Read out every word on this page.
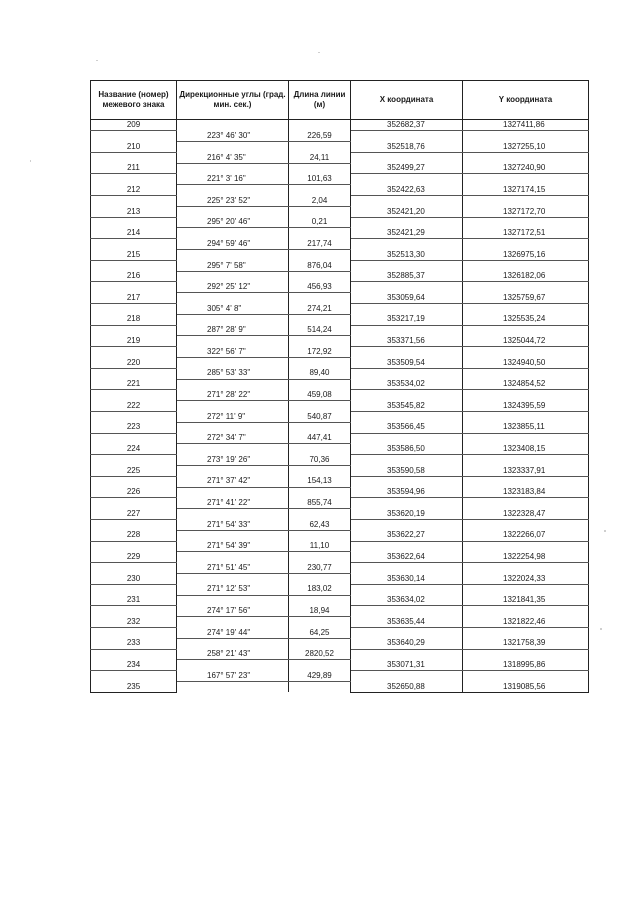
Название (номер) межевого знака	Дирекционные углы (град. мин. сек.)	Длина линии (м)	X координата	Y координата
209			352682,37	1327411,86
	223° 46' 30"	226,59		
210			352518,76	1327255,10
	216° 4' 35"	24,11		
211			352499,27	1327240,90
	221° 3' 16"	101,63		
212			352422,63	1327174,15
	225° 23' 52"	2,04		
213			352421,20	1327172,70
	295° 20' 46"	0,21		
214			352421,29	1327172,51
	294° 59' 46"	217,74		
215			352513,30	1326975,16
	295° 7' 58"	876,04		
216			352885,37	1326182,06
	292° 25' 12"	456,93		
217			353059,64	1325759,67
	305° 4' 8"	274,21		
218			353217,19	1325535,24
	287° 28' 9"	514,24		
219			353371,56	1325044,72
	322° 56' 7"	172,92		
220			353509,54	1324940,50
	285° 53' 33"	89,40		
221			353534,02	1324854,52
	271° 28' 22"	459,08		
222			353545,82	1324395,59
	272° 11' 9"	540,87		
223			353566,45	1323855,11
	272° 34' 7"	447,41		
224			353586,50	1323408,15
	273° 19' 26"	70,36		
225			353590,58	1323337,91
	271° 37' 42"	154,13		
226			353594,96	1323183,84
	271° 41' 22"	855,74		
227			353620,19	1322328,47
	271° 54' 33"	62,43		
228			353622,27	1322266,07
	271° 54' 39"	11,10		
229			353622,64	1322254,98
	271° 51' 45"	230,77		
230			353630,14	1322024,33
	271° 12' 53"	183,02		
231			353634,02	1321841,35
	274° 17' 56"	18,94		
232			353635,44	1321822,46
	274° 19' 44"	64,25		
233			353640,29	1321758,39
	258° 21' 43"	2820,52		
234			353071,31	1318995,86
	167° 57' 23"	429,89		
235			352650,88	1319085,56
